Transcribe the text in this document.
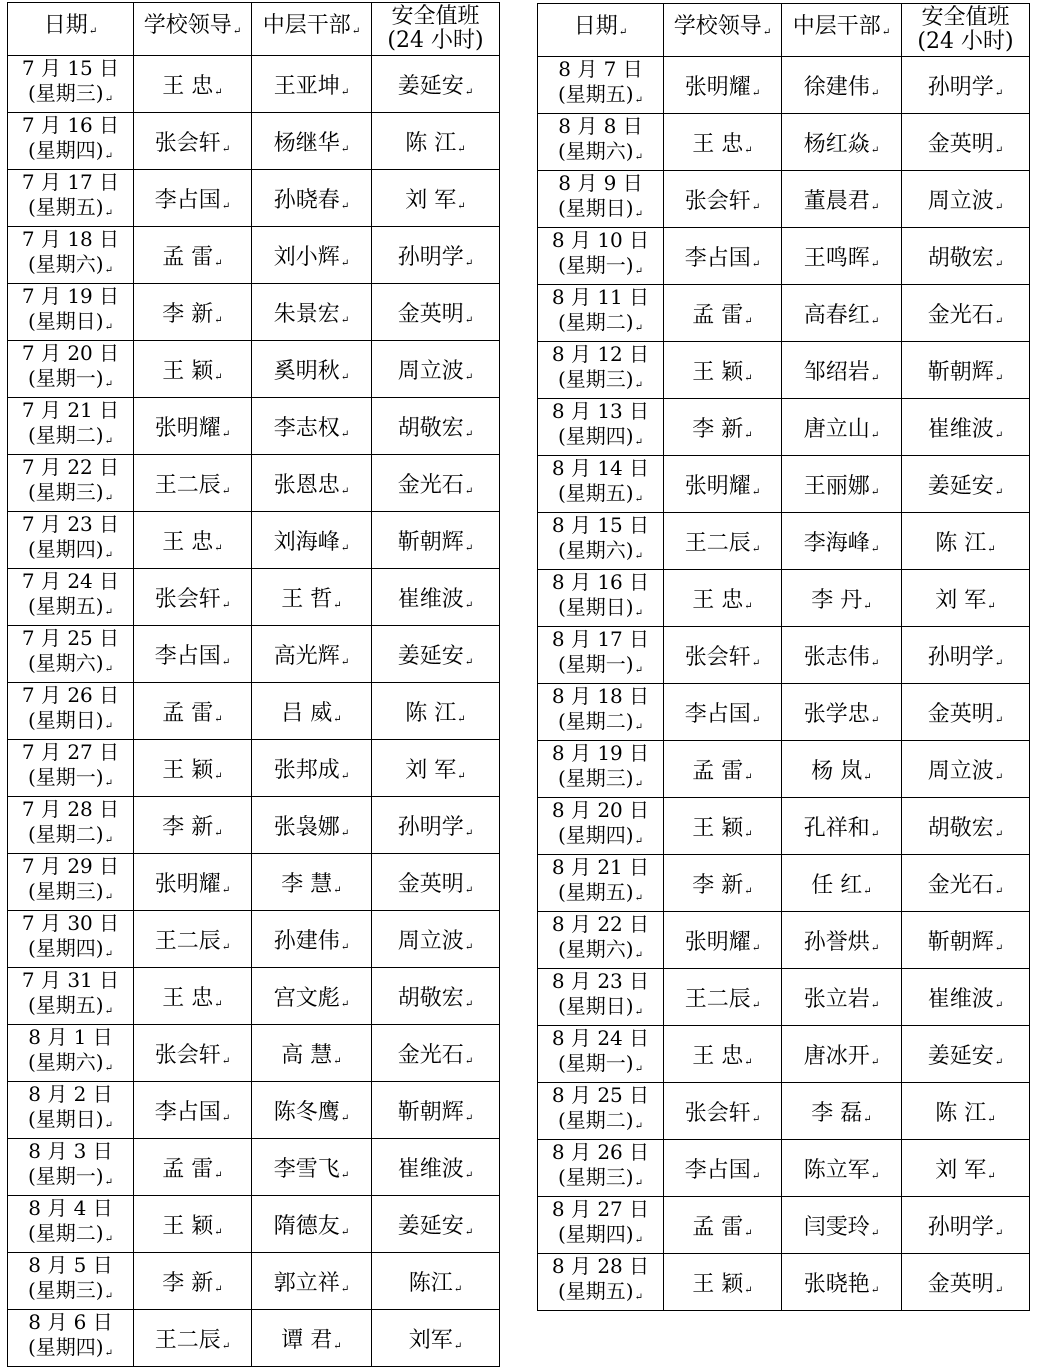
日期↵	学校领导↵	中层干部↵	安全值班
(24 小时)

7 月 15 日
(星期三)↵	王 忠↵	王亚坤↵	姜延安↵

7 月 16 日
(星期四)↵	张会轩↵	杨继华↵	陈 江↵

7 月 17 日
(星期五)↵	李占国↵	孙晓春↵	刘 军↵

7 月 18 日
(星期六)↵	孟 雷↵	刘小辉↵	孙明学↵

7 月 19 日
(星期日)↵	李 新↵	朱景宏↵	金英明↵

7 月 20 日
(星期一)↵	王 颖↵	奚明秋↵	周立波↵

7 月 21 日
(星期二)↵	张明耀↵	李志权↵	胡敬宏↵

7 月 22 日
(星期三)↵	王二辰↵	张恩忠↵	金光石↵

7 月 23 日
(星期四)↵	王 忠↵	刘海峰↵	靳朝辉↵

7 月 24 日
(星期五)↵	张会轩↵	王 哲↵	崔维波↵

7 月 25 日
(星期六)↵	李占国↵	高光辉↵	姜延安↵

7 月 26 日
(星期日)↵	孟 雷↵	吕 威↵	陈 江↵

7 月 27 日
(星期一)↵	王 颖↵	张邦成↵	刘 军↵

7 月 28 日
(星期二)↵	李 新↵	张袅娜↵	孙明学↵

7 月 29 日
(星期三)↵	张明耀↵	李 慧↵	金英明↵

7 月 30 日
(星期四)↵	王二辰↵	孙建伟↵	周立波↵

7 月 31 日
(星期五)↵	王 忠↵	宫文彪↵	胡敬宏↵

8 月 1 日
(星期六)↵	张会轩↵	高 慧↵	金光石↵

8 月 2 日
(星期日)↵	李占国↵	陈冬鹰↵	靳朝辉↵

8 月 3 日
(星期一)↵	孟 雷↵	李雪飞↵	崔维波↵

8 月 4 日
(星期二)↵	王 颖↵	隋德友↵	姜延安↵

8 月 5 日
(星期三)↵	李 新↵	郭立祥↵	陈江↵

8 月 6 日
(星期四)↵	王二辰↵	谭 君↵	刘军↵
日期↵	学校领导↵	中层干部↵	安全值班
(24 小时)

8 月 7 日
(星期五)↵	张明耀↵	徐建伟↵	孙明学↵

8 月 8 日
(星期六)↵	王 忠↵	杨红焱↵	金英明↵

8 月 9 日
(星期日)↵	张会轩↵	董晨君↵	周立波↵

8 月 10 日
(星期一)↵	李占国↵	王鸣晖↵	胡敬宏↵

8 月 11 日
(星期二)↵	孟 雷↵	高春红↵	金光石↵

8 月 12 日
(星期三)↵	王 颖↵	邹绍岩↵	靳朝辉↵

8 月 13 日
(星期四)↵	李 新↵	唐立山↵	崔维波↵

8 月 14 日
(星期五)↵	张明耀↵	王丽娜↵	姜延安↵

8 月 15 日
(星期六)↵	王二辰↵	李海峰↵	陈 江↵

8 月 16 日
(星期日)↵	王 忠↵	李 丹↵	刘 军↵

8 月 17 日
(星期一)↵	张会轩↵	张志伟↵	孙明学↵

8 月 18 日
(星期二)↵	李占国↵	张学忠↵	金英明↵

8 月 19 日
(星期三)↵	孟 雷↵	杨 岚↵	周立波↵

8 月 20 日
(星期四)↵	王 颖↵	孔祥和↵	胡敬宏↵

8 月 21 日
(星期五)↵	李 新↵	任 红↵	金光石↵

8 月 22 日
(星期六)↵	张明耀↵	孙誉烘↵	靳朝辉↵

8 月 23 日
(星期日)↵	王二辰↵	张立岩↵	崔维波↵

8 月 24 日
(星期一)↵	王 忠↵	唐冰开↵	姜延安↵

8 月 25 日
(星期二)↵	张会轩↵	李 磊↵	陈 江↵

8 月 26 日
(星期三)↵	李占国↵	陈立军↵	刘 军↵

8 月 27 日
(星期四)↵	孟 雷↵	闫雯玲↵	孙明学↵

8 月 28 日
(星期五)↵	王 颖↵	张晓艳↵	金英明↵
